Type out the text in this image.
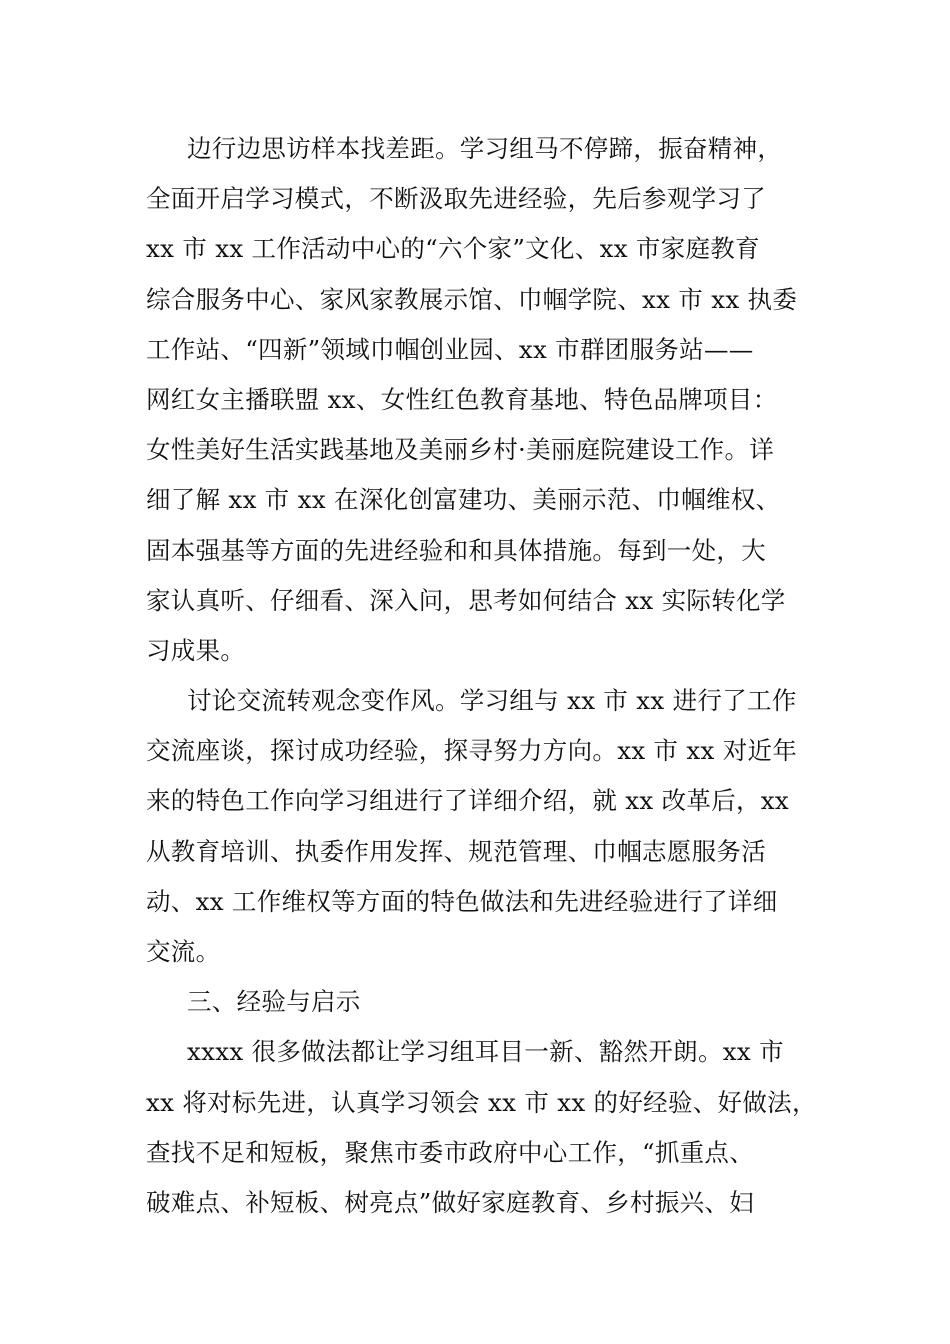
边行边思访样本找差距。学习组马不停蹄，振奋精神，
全面开启学习模式，不断汲取先进经验，先后参观学习了
xx 市 xx 工作活动中心的“六个家”文化、xx 市家庭教育
综合服务中心、家风家教展示馆、巾帼学院、xx 市 xx 执委
工作站、“四新”领域巾帼创业园、xx 市群团服务站——
网红女主播联盟 xx、女性红色教育基地、特色品牌项目：
女性美好生活实践基地及美丽乡村·美丽庭院建设工作。详
细了解 xx 市 xx 在深化创富建功、美丽示范、巾帼维权、
固本强基等方面的先进经验和和具体措施。每到一处，大
家认真听、仔细看、深入问，思考如何结合 xx 实际转化学
习成果。
讨论交流转观念变作风。学习组与 xx 市 xx 进行了工作
交流座谈，探讨成功经验，探寻努力方向。xx 市 xx 对近年
来的特色工作向学习组进行了详细介绍，就 xx 改革后，xx
从教育培训、执委作用发挥、规范管理、巾帼志愿服务活
动、xx 工作维权等方面的特色做法和先进经验进行了详细
交流。
三、经验与启示
xxxx 很多做法都让学习组耳目一新、豁然开朗。xx 市
xx 将对标先进，认真学习领会 xx 市 xx 的好经验、好做法，
查找不足和短板，聚焦市委市政府中心工作，“抓重点、
破难点、补短板、树亮点”做好家庭教育、乡村振兴、妇
